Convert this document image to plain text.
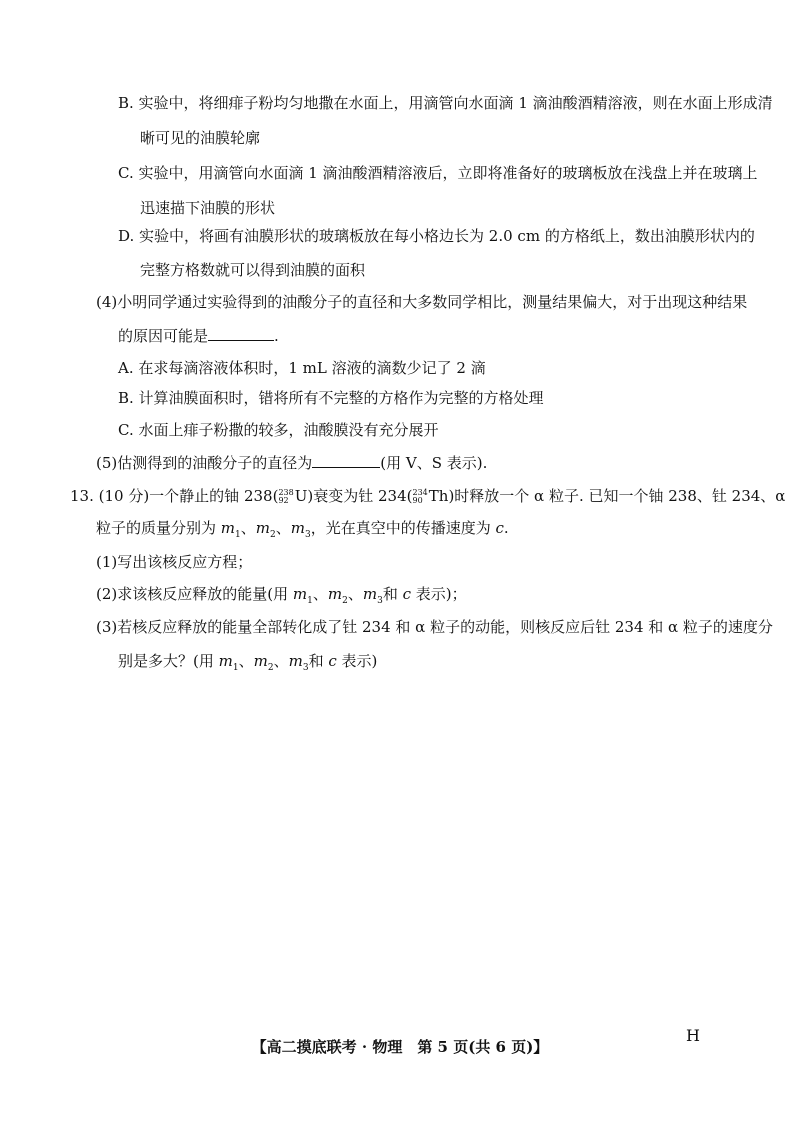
B. 实验中，将细痱子粉均匀地撒在水面上，用滴管向水面滴 1 滴油酸酒精溶液，则在水面上形成清
晰可见的油膜轮廓
C. 实验中，用滴管向水面滴 1 滴油酸酒精溶液后，立即将准备好的玻璃板放在浅盘上并在玻璃上
迅速描下油膜的形状
D. 实验中，将画有油膜形状的玻璃板放在每小格边长为 2.0 cm 的方格纸上，数出油膜形状内的
完整方格数就可以得到油膜的面积
(4)小明同学通过实验得到的油酸分子的直径和大多数同学相比，测量结果偏大，对于出现这种结果
的原因可能是	.
A. 在求每滴溶液体积时，1 mL 溶液的滴数少记了 2 滴
B. 计算油膜面积时，错将所有不完整的方格作为完整的方格处理
C. 水面上痱子粉撒的较多，油酸膜没有充分展开
(5)估测得到的油酸分子的直径为	(用 V、S 表示).
13. (10 分)一个静止的铀 238( 238
92 U)衰变为钍 234( 234
90 Th)时释放一个 α 粒子. 已知一个铀 238、钍 234、α
粒子的质量分别为 $m_1$、$m_2$、$m_3$，光在真空中的传播速度为 c.
(1)写出该核反应方程；
(2)求该核反应释放的能量(用 $m_1$、$m_2$、$m_3$和 c 表示)；
(3)若核反应释放的能量全部转化成了钍 234 和 α 粒子的动能，则核反应后钍 234 和 α 粒子的速度分
别是多大？(用 $m_1$、$m_2$、$m_3$和 c 表示)
【高二摸底联考 · 物理　第 5 页(共 6 页)】
H
